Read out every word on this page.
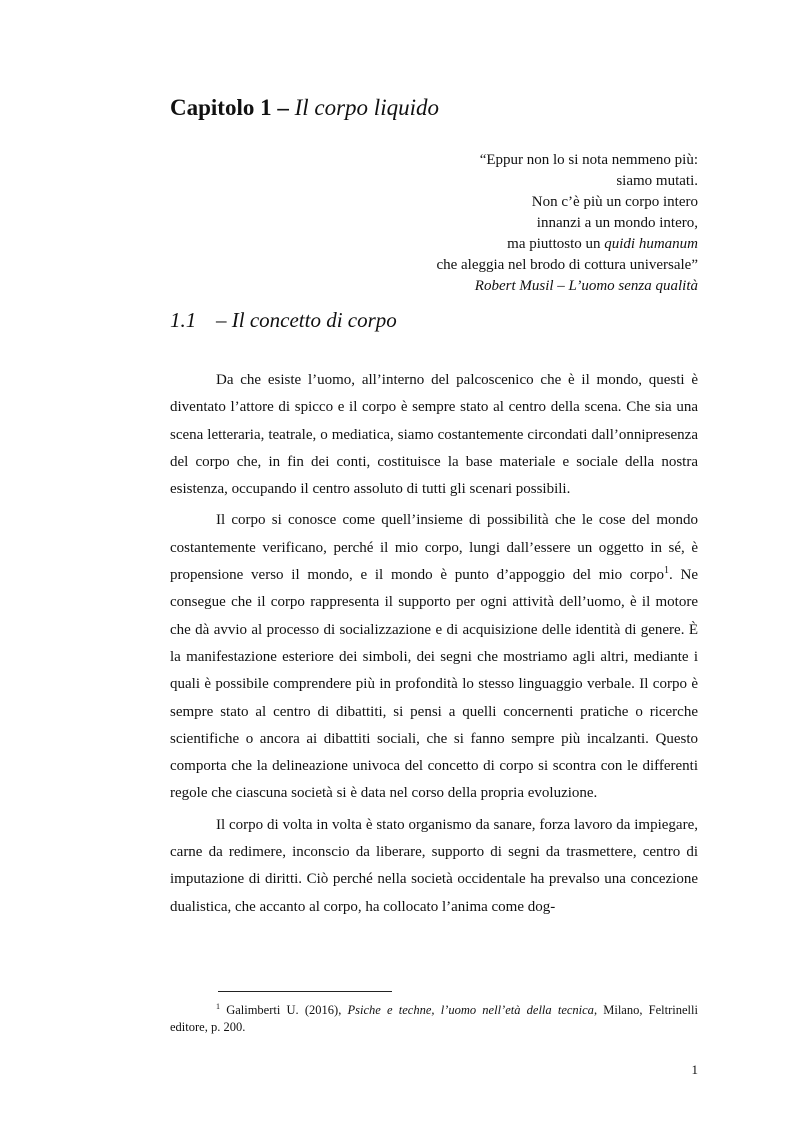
Capitolo 1 – Il corpo liquido
“Eppur non lo si nota nemmeno più:
siamo mutati.
Non c’è più un corpo intero
innanzi a un mondo intero,
ma piuttosto un quidi humanum
che aleggia nel brodo di cottura universale”
Robert Musil – L’uomo senza qualità
1.1 – Il concetto di corpo

Da che esiste l’uomo, all’interno del palcoscenico che è il mondo, questi è diventato l’attore di spicco e il corpo è sempre stato al centro della scena. Che sia una scena letteraria, teatrale, o mediatica, siamo costantemente circondati dall’onnipresenza del corpo che, in fin dei conti, costituisce la base materiale e sociale della nostra esistenza, occupando il centro assoluto di tutti gli scenari possibili.

Il corpo si conosce come quell’insieme di possibilità che le cose del mondo costantemente verificano, perché il mio corpo, lungi dall’essere un oggetto in sé, è propensione verso il mondo, e il mondo è punto d’appoggio del mio corpo$^1$. Ne consegue che il corpo rappresenta il supporto per ogni attività dell’uomo, è il motore che dà avvio al processo di socializzazione e di acquisizione delle identità di genere. È la manifestazione esteriore dei simboli, dei segni che mostriamo agli altri, mediante i quali è possibile comprendere più in profondità lo stesso linguaggio verbale. Il corpo è sempre stato al centro di dibattiti, si pensi a quelli concernenti pratiche o ricerche scientifiche o ancora ai dibattiti sociali, che si fanno sempre più incalzanti. Questo comporta che la delineazione univoca del concetto di corpo si scontra con le differenti regole che ciascuna società si è data nel corso della propria evoluzione.

Il corpo di volta in volta è stato organismo da sanare, forza lavoro da impiegare, carne da redimere, inconscio da liberare, supporto di segni da trasmettere, centro di imputazione di diritti. Ciò perché nella società occidentale ha prevalso una concezione dualistica, che accanto al corpo, ha collocato l’anima come dog-

$^1$ Galimberti U. (2016), Psiche e techne, l’uomo nell’età della tecnica, Milano, Feltrinelli editore, p. 200.
1
